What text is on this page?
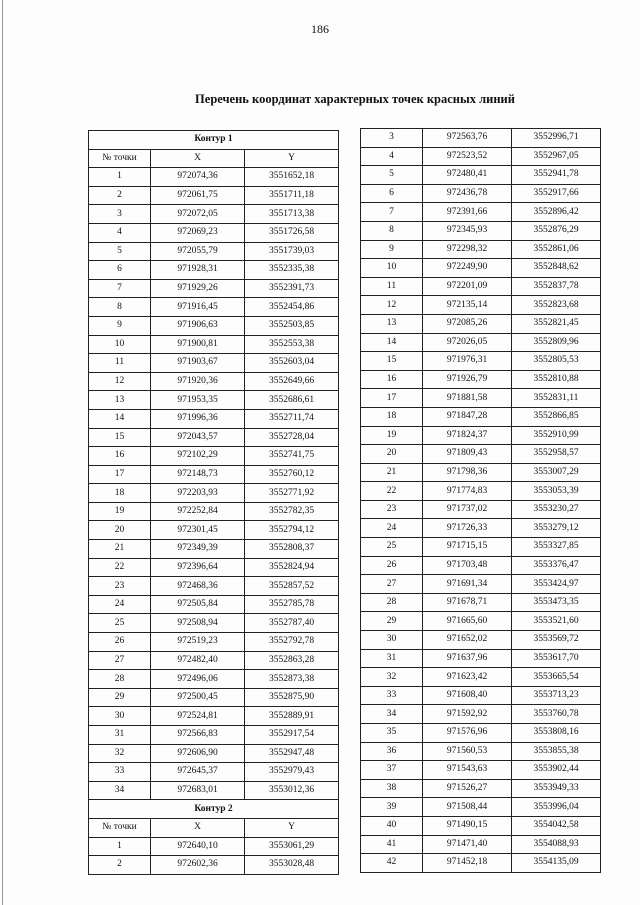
186
Перечень координат характерных точек красных линий
Контур 1		
№ точки	X	Y
1	972074,36	3551652,18
2	972061,75	3551711,18
3	972072,05	3551713,38
4	972069,23	3551726,58
5	972055,79	3551739,03
6	971928,31	3552335,38
7	971929,26	3552391,73
8	971916,45	3552454,86
9	971906,63	3552503,85
10	971900,81	3552553,38
11	971903,67	3552603,04
12	971920,36	3552649,66
13	971953,35	3552686,61
14	971996,36	3552711,74
15	972043,57	3552728,04
16	972102,29	3552741,75
17	972148,73	3552760,12
18	972203,93	3552771,92
19	972252,84	3552782,35
20	972301,45	3552794,12
21	972349,39	3552808,37
22	972396,64	3552824,94
23	972468,36	3552857,52
24	972505,84	3552785,78
25	972508,94	3552787,40
26	972519,23	3552792,78
27	972482,40	3552863,28
28	972496,06	3552873,38
29	972500,45	3552875,90
30	972524,81	3552889,91
31	972566,83	3552917,54
32	972606,90	3552947,48
33	972645,37	3552979,43
34	972683,01	3553012,36
Контур 2		
№ точки	X	Y
1	972640,10	3553061,29
2	972602,36	3553028,48
3	972563,76	3552996,71
4	972523,52	3552967,05
5	972480,41	3552941,78
6	972436,78	3552917,66
7	972391,66	3552896,42
8	972345,93	3552876,29
9	972298,32	3552861,06
10	972249,90	3552848,62
11	972201,09	3552837,78
12	972135,14	3552823,68
13	972085,26	3552821,45
14	972026,05	3552809,96
15	971976,31	3552805,53
16	971926,79	3552810,88
17	971881,58	3552831,11
18	971847,28	3552866,85
19	971824,37	3552910,99
20	971809,43	3552958,57
21	971798,36	3553007,29
22	971774,83	3553053,39
23	971737,02	3553230,27
24	971726,33	3553279,12
25	971715,15	3553327,85
26	971703,48	3553376,47
27	971691,34	3553424,97
28	971678,71	3553473,35
29	971665,60	3553521,60
30	971652,02	3553569,72
31	971637,96	3553617,70
32	971623,42	3553665,54
33	971608,40	3553713,23
34	971592,92	3553760,78
35	971576,96	3553808,16
36	971560,53	3553855,38
37	971543,63	3553902,44
38	971526,27	3553949,33
39	971508,44	3553996,04
40	971490,15	3554042,58
41	971471,40	3554088,93
42	971452,18	3554135,09
